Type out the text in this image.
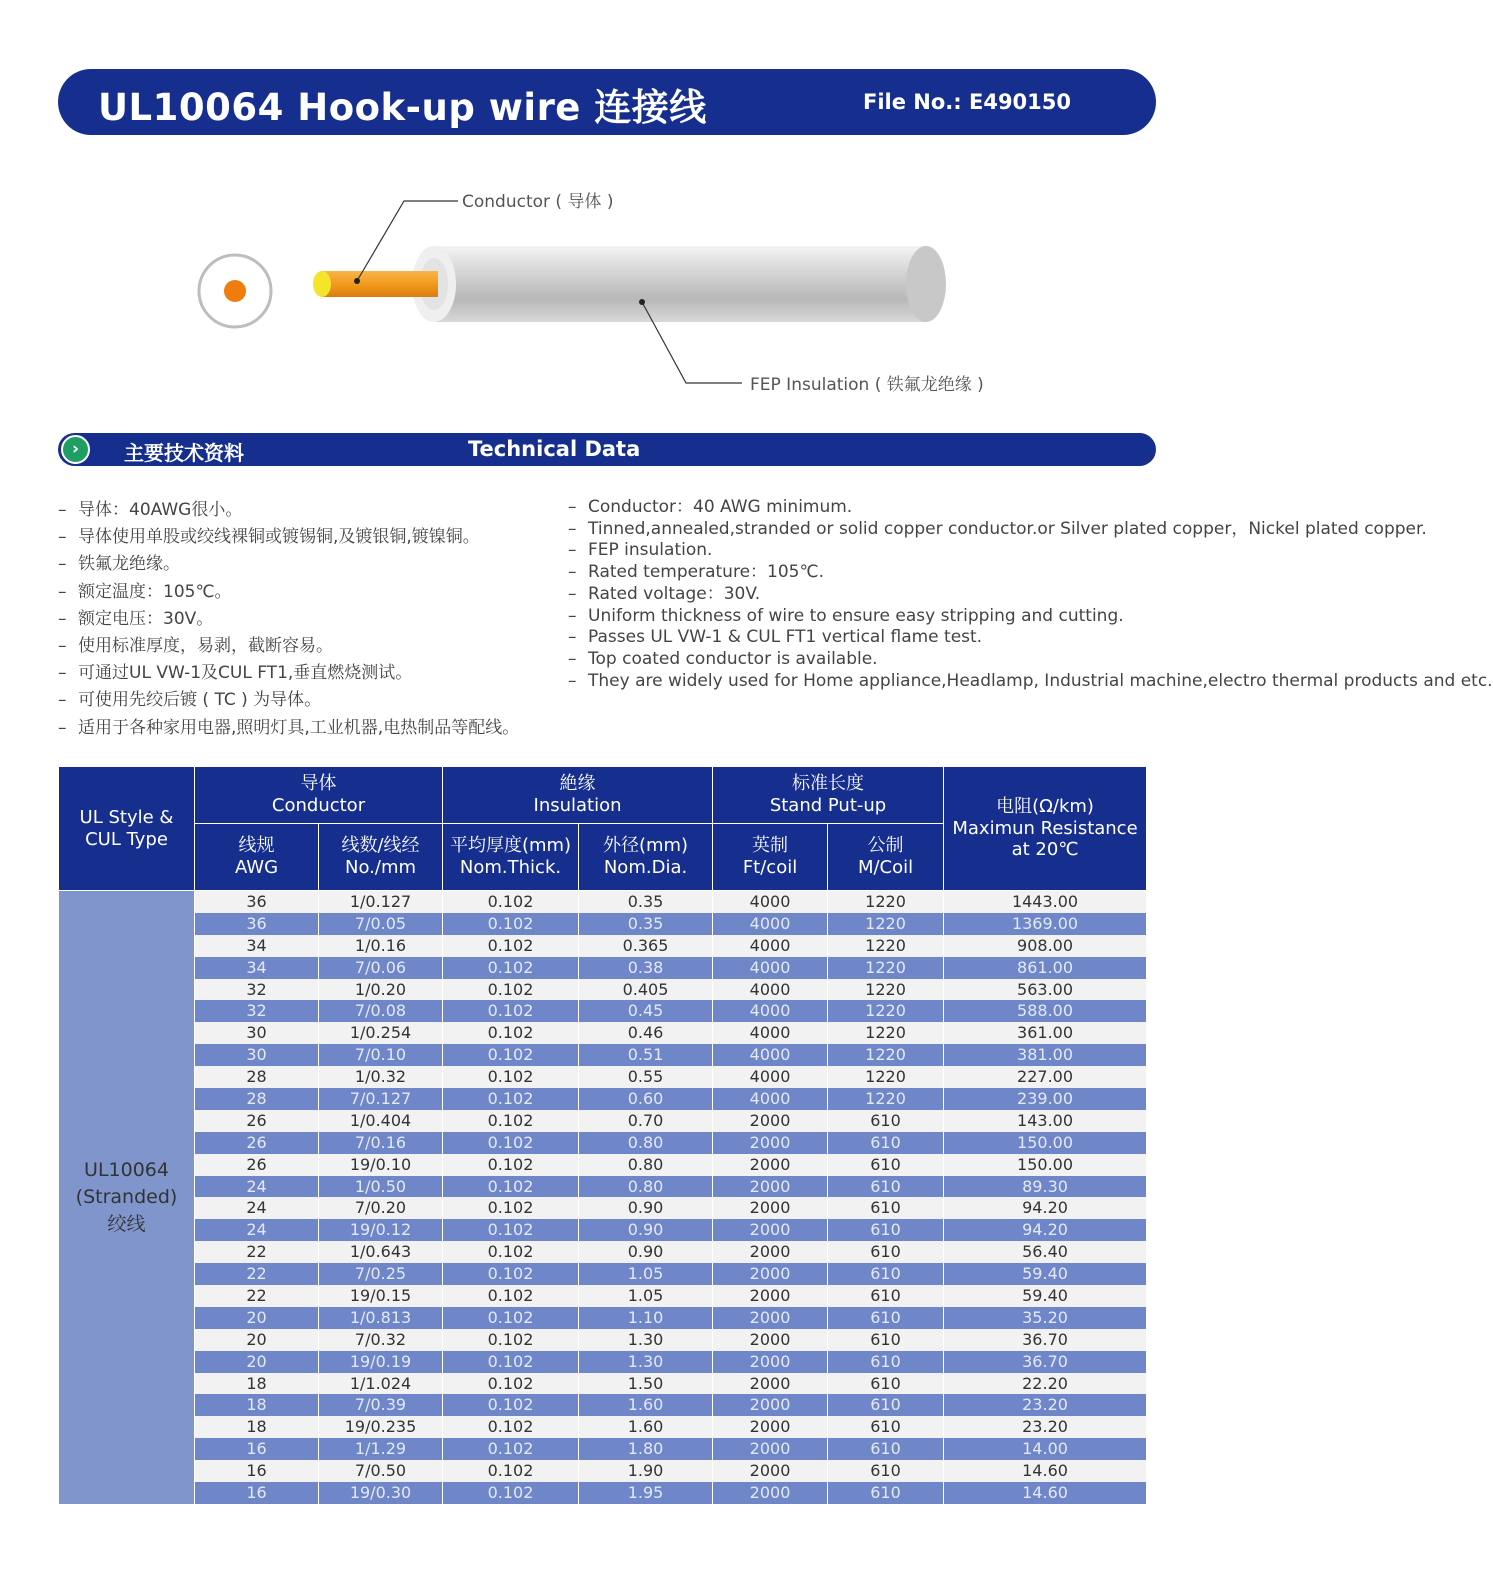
UL10064 Hook-up wire 连接线	File No.: E490150
Conductor ( 导体 )
FEP Insulation ( 铁氟龙绝缘 )
›	主要技术资料	Technical Data
– 导体：40AWG很小。
– 导体使用单股或绞线裸铜或镀锡铜,及镀银铜,镀镍铜。
– 铁氟龙绝缘。
– 额定温度：105℃。
– 额定电压：30V。
– 使用标准厚度，易剥，截断容易。
– 可通过UL VW-1及CUL FT1,垂直燃烧测试。
– 可使用先绞后镀 ( TC ) 为导体。
– 适用于各种家用电器,照明灯具,工业机器,电热制品等配线。
– Conductor：40 AWG minimum.
– Tinned,annealed,stranded or solid copper conductor.or Silver plated copper，Nickel plated copper.
– FEP insulation.
– Rated temperature：105℃.
– Rated voltage：30V.
– Uniform thickness of wire to ensure easy stripping and cutting.
– Passes UL VW-1 & CUL FT1 vertical flame test.
– Top coated conductor is available.
– They are widely used for Home appliance,Headlamp, Industrial machine,electro thermal products and etc.
UL Style &
CUL Type	导体
Conductor		絶缘
Insulation		标准长度
Stand Put-up		电阻(Ω/km)
Maximun Resistance
at 20℃

	线规
AWG	线数/线经
No./mm	平均厚度(mm)
Nom.Thick.	外径(mm)
Nom.Dia.	英制
Ft/coil	公制
M/Coil	

UL10064
(Stranded)
绞线	36	1/0.127	0.102	0.35	4000	1220	1443.00
	36	7/0.05	0.102	0.35	4000	1220	1369.00
	34	1/0.16	0.102	0.365	4000	1220	908.00
	34	7/0.06	0.102	0.38	4000	1220	861.00
	32	1/0.20	0.102	0.405	4000	1220	563.00
	32	7/0.08	0.102	0.45	4000	1220	588.00
	30	1/0.254	0.102	0.46	4000	1220	361.00
	30	7/0.10	0.102	0.51	4000	1220	381.00
	28	1/0.32	0.102	0.55	4000	1220	227.00
	28	7/0.127	0.102	0.60	4000	1220	239.00
	26	1/0.404	0.102	0.70	2000	610	143.00
	26	7/0.16	0.102	0.80	2000	610	150.00
	26	19/0.10	0.102	0.80	2000	610	150.00
	24	1/0.50	0.102	0.80	2000	610	89.30
	24	7/0.20	0.102	0.90	2000	610	94.20
	24	19/0.12	0.102	0.90	2000	610	94.20
	22	1/0.643	0.102	0.90	2000	610	56.40
	22	7/0.25	0.102	1.05	2000	610	59.40
	22	19/0.15	0.102	1.05	2000	610	59.40
	20	1/0.813	0.102	1.10	2000	610	35.20
	20	7/0.32	0.102	1.30	2000	610	36.70
	20	19/0.19	0.102	1.30	2000	610	36.70
	18	1/1.024	0.102	1.50	2000	610	22.20
	18	7/0.39	0.102	1.60	2000	610	23.20
	18	19/0.235	0.102	1.60	2000	610	23.20
	16	1/1.29	0.102	1.80	2000	610	14.00
	16	7/0.50	0.102	1.90	2000	610	14.60
	16	19/0.30	0.102	1.95	2000	610	14.60
